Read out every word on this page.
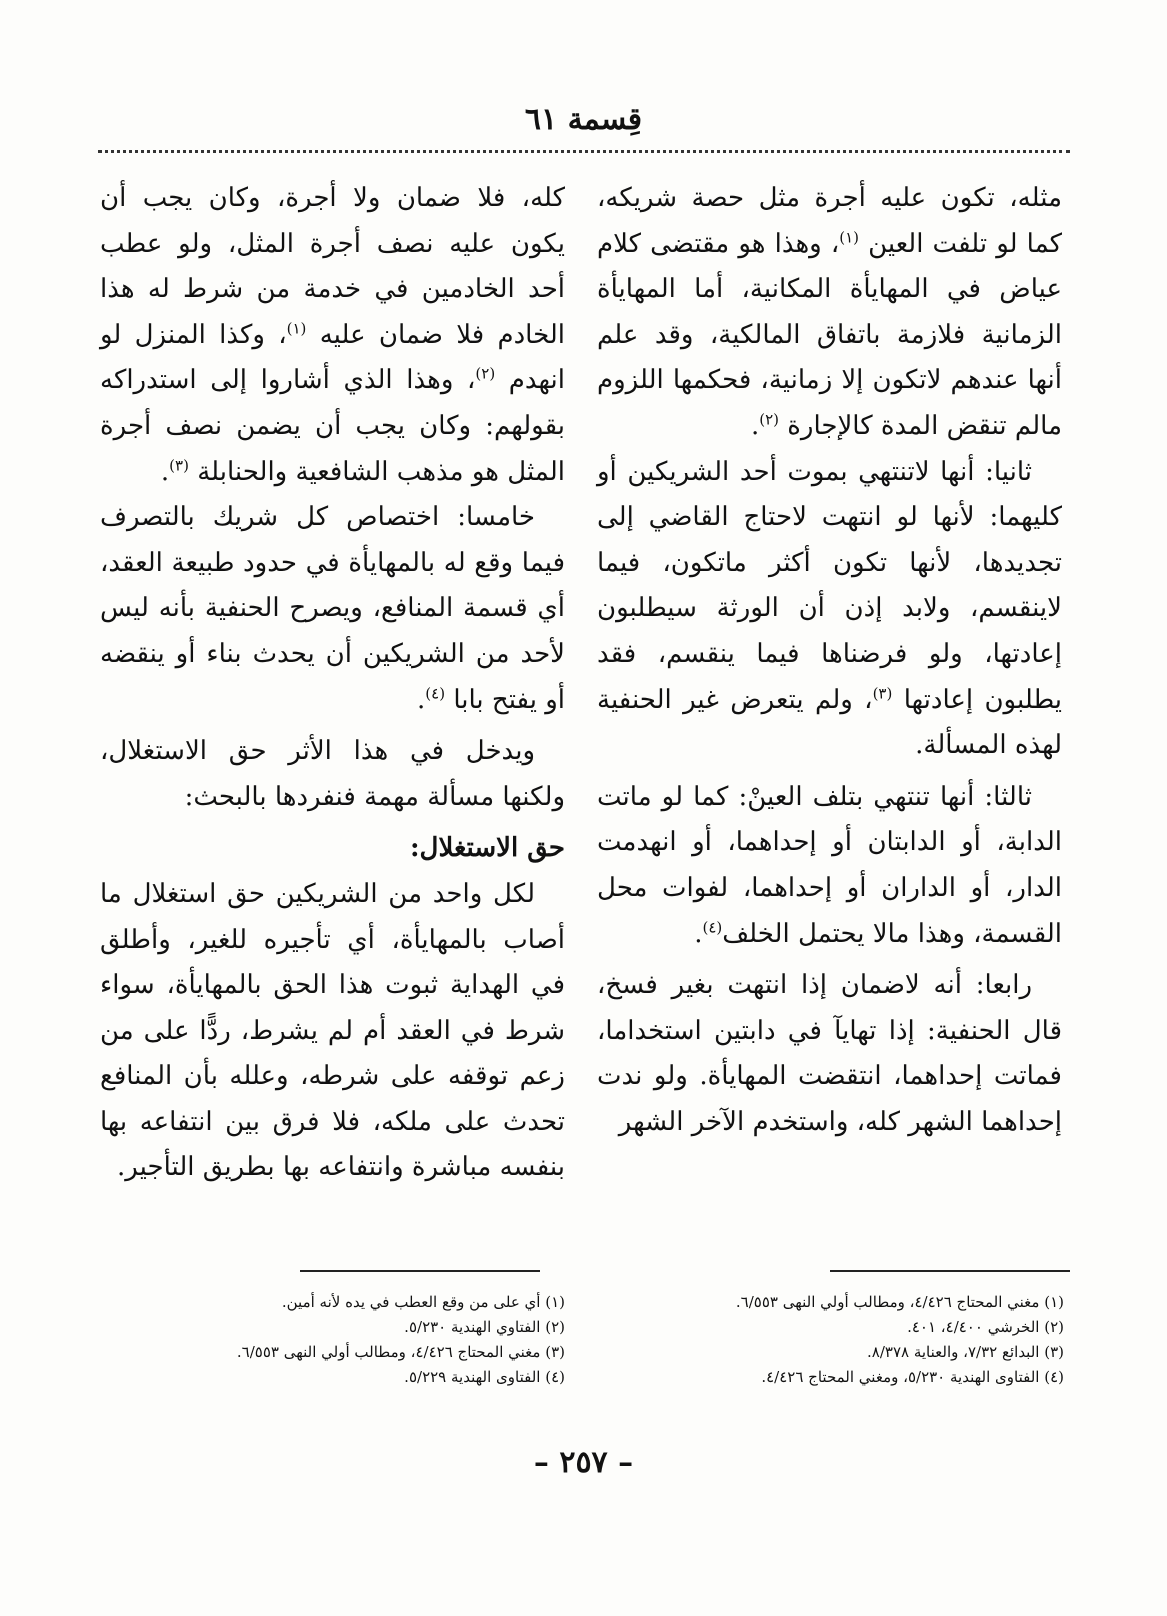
قِسمة ٦١

مثله، تكون عليه أجرة مثل حصة شريكه، كما لو تلفت العين $^{(١)}$، وهذا هو مقتضى كلام عياض في المهايأة المكانية، أما المهايأة الزمانية فلازمة باتفاق المالكية، وقد علم أنها عندهم لاتكون إلا زمانية، فحكمها اللزوم مالم تنقض المدة كالإجارة $^{(٢)}$.

ثانيا: أنها لاتنتهي بموت أحد الشريكين أو كليهما: لأنها لو انتهت لاحتاج القاضي إلى تجديدها، لأنها تكون أكثر ماتكون، فيما لاينقسم، ولابد إذن أن الورثة سيطلبون إعادتها، ولو فرضناها فيما ينقسم، فقد يطلبون إعادتها $^{(٣)}$، ولم يتعرض غير الحنفية لهذه المسألة.

ثالثا: أنها تنتهي بتلف العينْ: كما لو ماتت الدابة، أو الدابتان أو إحداهما، أو انهدمت الدار، أو الداران أو إحداهما، لفوات محل القسمة، وهذا مالا يحتمل الخلف$^{(٤)}$.

رابعا: أنه لاضمان إذا انتهت بغير فسخ، قال الحنفية: إذا تهايآ في دابتين استخداما، فماتت إحداهما، انتقضت المهايأة. ولو ندت إحداهما الشهر كله، واستخدم الآخر الشهر

كله، فلا ضمان ولا أجرة، وكان يجب أن يكون عليه نصف أجرة المثل، ولو عطب أحد الخادمين في خدمة من شرط له هذا الخادم فلا ضمان عليه $^{(١)}$، وكذا المنزل لو انهدم $^{(٢)}$، وهذا الذي أشاروا إلى استدراكه بقولهم: وكان يجب أن يضمن نصف أجرة المثل هو مذهب الشافعية والحنابلة $^{(٣)}$.

خامسا: اختصاص كل شريك بالتصرف فيما وقع له بالمهايأة في حدود طبيعة العقد، أي قسمة المنافع، ويصرح الحنفية بأنه ليس لأحد من الشريكين أن يحدث بناء أو ينقضه أو يفتح بابا $^{(٤)}$.

ويدخل في هذا الأثر حق الاستغلال، ولكنها مسألة مهمة فنفردها بالبحث:

حق الاستغلال:

لكل واحد من الشريكين حق استغلال ما أصاب بالمهايأة، أي تأجيره للغير، وأطلق في الهداية ثبوت هذا الحق بالمهايأة، سواء شرط في العقد أم لم يشرط، ردًّا على من زعم توقفه على شرطه، وعلله بأن المنافع تحدث على ملكه، فلا فرق بين انتفاعه بها بنفسه مباشرة وانتفاعه بها بطريق التأجير.

(١) مغني المحتاج ٤/٤٢٦، ومطالب أولي النهى ٦/٥٥٣.
(٢) الخرشي ٤/٤٠٠، ٤٠١.
(٣) البدائع ٧/٣٢، والعناية ٨/٣٧٨.
(٤) الفتاوى الهندية ٥/٢٣٠، ومغني المحتاج ٤/٤٢٦.
(١) أي على من وقع العطب في يده لأنه أمين.
(٢) الفتاوي الهندية ٥/٢٣٠.
(٣) مغني المحتاج ٤/٤٢٦، ومطالب أولي النهى ٦/٥٥٣.
(٤) الفتاوى الهندية ٥/٢٢٩.
– ٢٥٧ –
